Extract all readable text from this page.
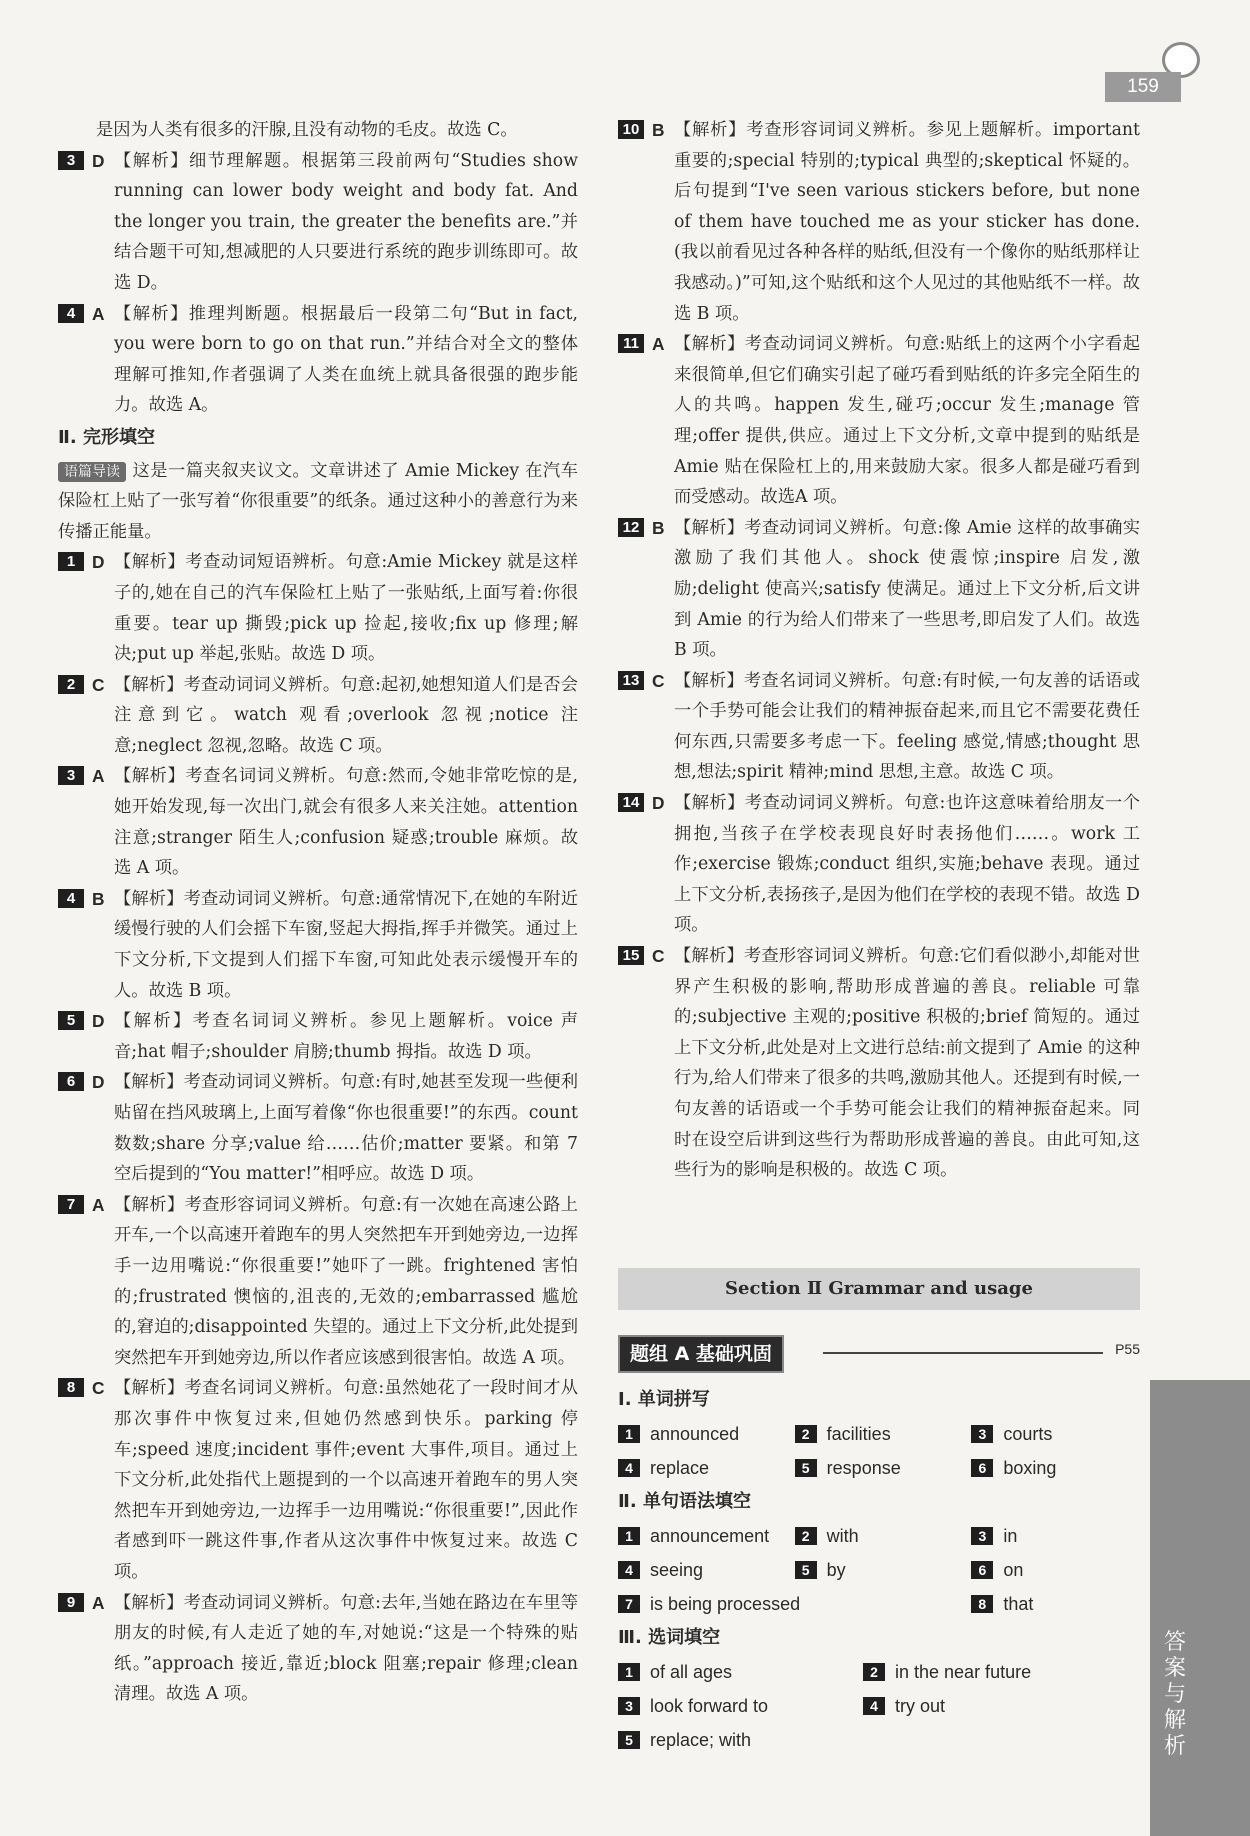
159
是因为人类有很多的汗腺,且没有动物的毛皮。故选 C。
3 D 【解析】细节理解题。根据第三段前两句“Studies show running can lower body weight and body fat. And the longer you train, the greater the benefits are.”并结合题干可知,想减肥的人只要进行系统的跑步训练即可。故选 D。
4 A 【解析】推理判断题。根据最后一段第二句“But in fact, you were born to go on that run.”并结合对全文的整体理解可推知,作者强调了人类在血统上就具备很强的跑步能力。故选 A。
Ⅱ. 完形填空
语篇导读 这是一篇夹叙夹议文。文章讲述了 Amie Mickey 在汽车保险杠上贴了一张写着“你很重要”的纸条。通过这种小的善意行为来传播正能量。
1 D 【解析】考查动词短语辨析。句意:Amie Mickey 就是这样子的,她在自己的汽车保险杠上贴了一张贴纸,上面写着:你很重要。tear up 撕毁;pick up 捡起,接收;fix up 修理;解决;put up 举起,张贴。故选 D 项。
2 C 【解析】考查动词词义辨析。句意:起初,她想知道人们是否会注意到它。watch 观看;overlook 忽视;notice 注意;neglect 忽视,忽略。故选 C 项。
3 A 【解析】考查名词词义辨析。句意:然而,令她非常吃惊的是,她开始发现,每一次出门,就会有很多人来关注她。attention 注意;stranger 陌生人;confusion 疑惑;trouble 麻烦。故选 A 项。
4 B 【解析】考查动词词义辨析。句意:通常情况下,在她的车附近缓慢行驶的人们会摇下车窗,竖起大拇指,挥手并微笑。通过上下文分析,下文提到人们摇下车窗,可知此处表示缓慢开车的人。故选 B 项。
5 D 【解析】考查名词词义辨析。参见上题解析。voice 声音;hat 帽子;shoulder 肩膀;thumb 拇指。故选 D 项。
6 D 【解析】考查动词词义辨析。句意:有时,她甚至发现一些便利贴留在挡风玻璃上,上面写着像“你也很重要!”的东西。count 数数;share 分享;value 给……估价;matter 要紧。和第 7 空后提到的“You matter!”相呼应。故选 D 项。
7 A 【解析】考查形容词词义辨析。句意:有一次她在高速公路上开车,一个以高速开着跑车的男人突然把车开到她旁边,一边挥手一边用嘴说:“你很重要!”她吓了一跳。frightened 害怕的;frustrated 懊恼的,沮丧的,无效的;embarrassed 尴尬的,窘迫的;disappointed 失望的。通过上下文分析,此处提到突然把车开到她旁边,所以作者应该感到很害怕。故选 A 项。
8 C 【解析】考查名词词义辨析。句意:虽然她花了一段时间才从那次事件中恢复过来,但她仍然感到快乐。parking 停车;speed 速度;incident 事件;event 大事件,项目。通过上下文分析,此处指代上题提到的一个以高速开着跑车的男人突然把车开到她旁边,一边挥手一边用嘴说:“你很重要!”,因此作者感到吓一跳这件事,作者从这次事件中恢复过来。故选 C 项。
9 A 【解析】考查动词词义辨析。句意:去年,当她在路边在车里等朋友的时候,有人走近了她的车,对她说:“这是一个特殊的贴纸。”approach 接近,靠近;block 阻塞;repair 修理;clean 清理。故选 A 项。
10 B 【解析】考查形容词词义辨析。参见上题解析。important 重要的;special 特别的;typical 典型的;skeptical 怀疑的。后句提到“I've seen various stickers before, but none of them have touched me as your sticker has done.(我以前看见过各种各样的贴纸,但没有一个像你的贴纸那样让我感动。)”可知,这个贴纸和这个人见过的其他贴纸不一样。故选 B 项。
11 A 【解析】考查动词词义辨析。句意:贴纸上的这两个小字看起来很简单,但它们确实引起了碰巧看到贴纸的许多完全陌生的人的共鸣。happen 发生,碰巧;occur 发生;manage 管理;offer 提供,供应。通过上下文分析,文章中提到的贴纸是 Amie 贴在保险杠上的,用来鼓励大家。很多人都是碰巧看到而受感动。故选A 项。
12 B 【解析】考查动词词义辨析。句意:像 Amie 这样的故事确实激励了我们其他人。shock 使震惊;inspire 启发,激励;delight 使高兴;satisfy 使满足。通过上下文分析,后文讲到 Amie 的行为给人们带来了一些思考,即启发了人们。故选 B 项。
13 C 【解析】考查名词词义辨析。句意:有时候,一句友善的话语或一个手势可能会让我们的精神振奋起来,而且它不需要花费任何东西,只需要多考虑一下。feeling 感觉,情感;thought 思想,想法;spirit 精神;mind 思想,主意。故选 C 项。
14 D 【解析】考查动词词义辨析。句意:也许这意味着给朋友一个拥抱,当孩子在学校表现良好时表扬他们……。work 工作;exercise 锻炼;conduct 组织,实施;behave 表现。通过上下文分析,表扬孩子,是因为他们在学校的表现不错。故选 D 项。
15 C 【解析】考查形容词词义辨析。句意:它们看似渺小,却能对世界产生积极的影响,帮助形成普遍的善良。reliable 可靠的;subjective 主观的;positive 积极的;brief 简短的。通过上下文分析,此处是对上文进行总结:前文提到了 Amie 的这种行为,给人们带来了很多的共鸣,激励其他人。还提到有时候,一句友善的话语或一个手势可能会让我们的精神振奋起来。同时在设空后讲到这些行为帮助形成普遍的善良。由此可知,这些行为的影响是积极的。故选 C 项。
Section Ⅱ Grammar and usage
题组 A 基础巩固	P55
Ⅰ. 单词拼写
1 announced	2 facilities	3 courts
4 replace	5 response	6 boxing
Ⅱ. 单句语法填空
1 announcement	2 with	3 in
4 seeing	5 by	6 on
7 is being processed	8 that
Ⅲ. 选词填空
1 of all ages	2 in the near future
3 look forward to	4 try out
5 replace; with
答案与解析
